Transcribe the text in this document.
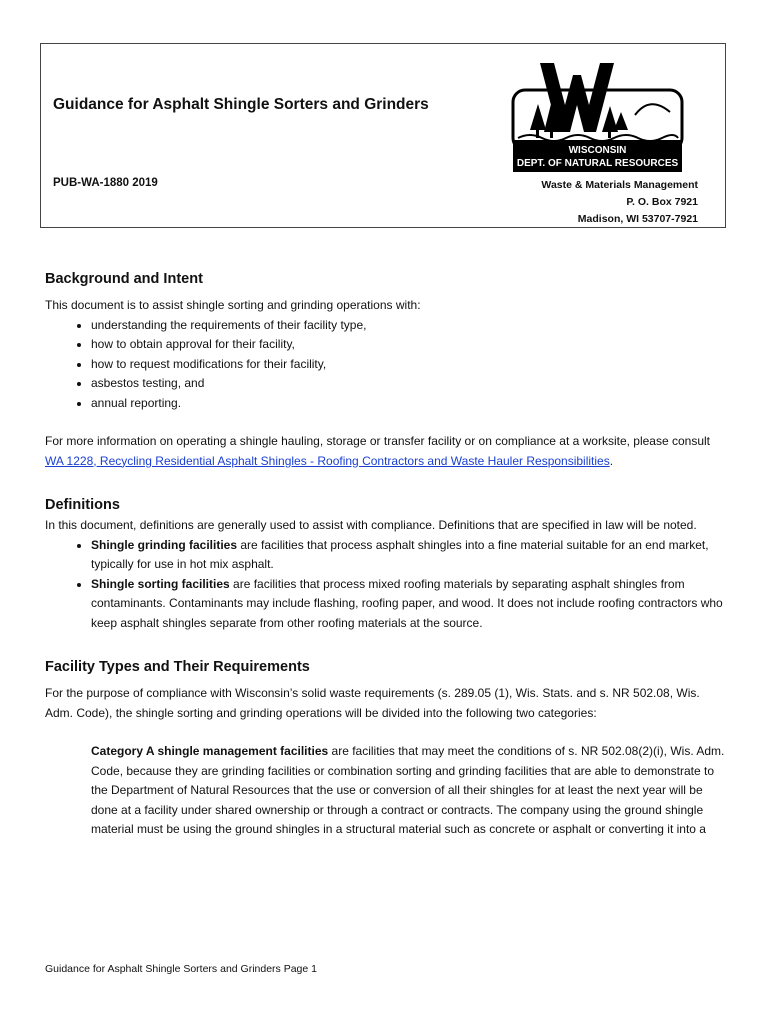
Guidance for Asphalt Shingle Sorters and Grinders
PUB-WA-1880 2019
WISCONSIN
DEPT. OF NATURAL RESOURCES
Waste & Materials Management
P. O. Box 7921
Madison, WI 53707-7921
Background and Intent

This document is to assist shingle sorting and grinding operations with:

• understanding the requirements of their facility type,
• how to obtain approval for their facility,
• how to request modifications for their facility,
• asbestos testing, and
• annual reporting.

For more information on operating a shingle hauling, storage or transfer facility or on compliance at a worksite, please consult WA 1228, Recycling Residential Asphalt Shingles - Roofing Contractors and Waste Hauler Responsibilities.

Definitions

In this document, definitions are generally used to assist with compliance. Definitions that are specified in law will be noted.

• Shingle grinding facilities are facilities that process asphalt shingles into a fine material suitable for an end market, typically for use in hot mix asphalt.
• Shingle sorting facilities are facilities that process mixed roofing materials by separating asphalt shingles from contaminants. Contaminants may include flashing, roofing paper, and wood. It does not include roofing contractors who keep asphalt shingles separate from other roofing materials at the source.
Facility Types and Their Requirements

For the purpose of compliance with Wisconsin’s solid waste requirements (s. 289.05 (1), Wis. Stats. and s. NR 502.08, Wis. Adm. Code), the shingle sorting and grinding operations will be divided into the following two categories:

Category A shingle management facilities are facilities that may meet the conditions of s. NR 502.08(2)(i), Wis. Adm. Code, because they are grinding facilities or combination sorting and grinding facilities that are able to demonstrate to the Department of Natural Resources that the use or conversion of all their shingles for at least the next year will be done at a facility under shared ownership or through a contract or contracts. The company using the ground shingle material must be using the ground shingles in a structural material such as concrete or asphalt or converting it into a

Guidance for Asphalt Shingle Sorters and Grinders Page 1
